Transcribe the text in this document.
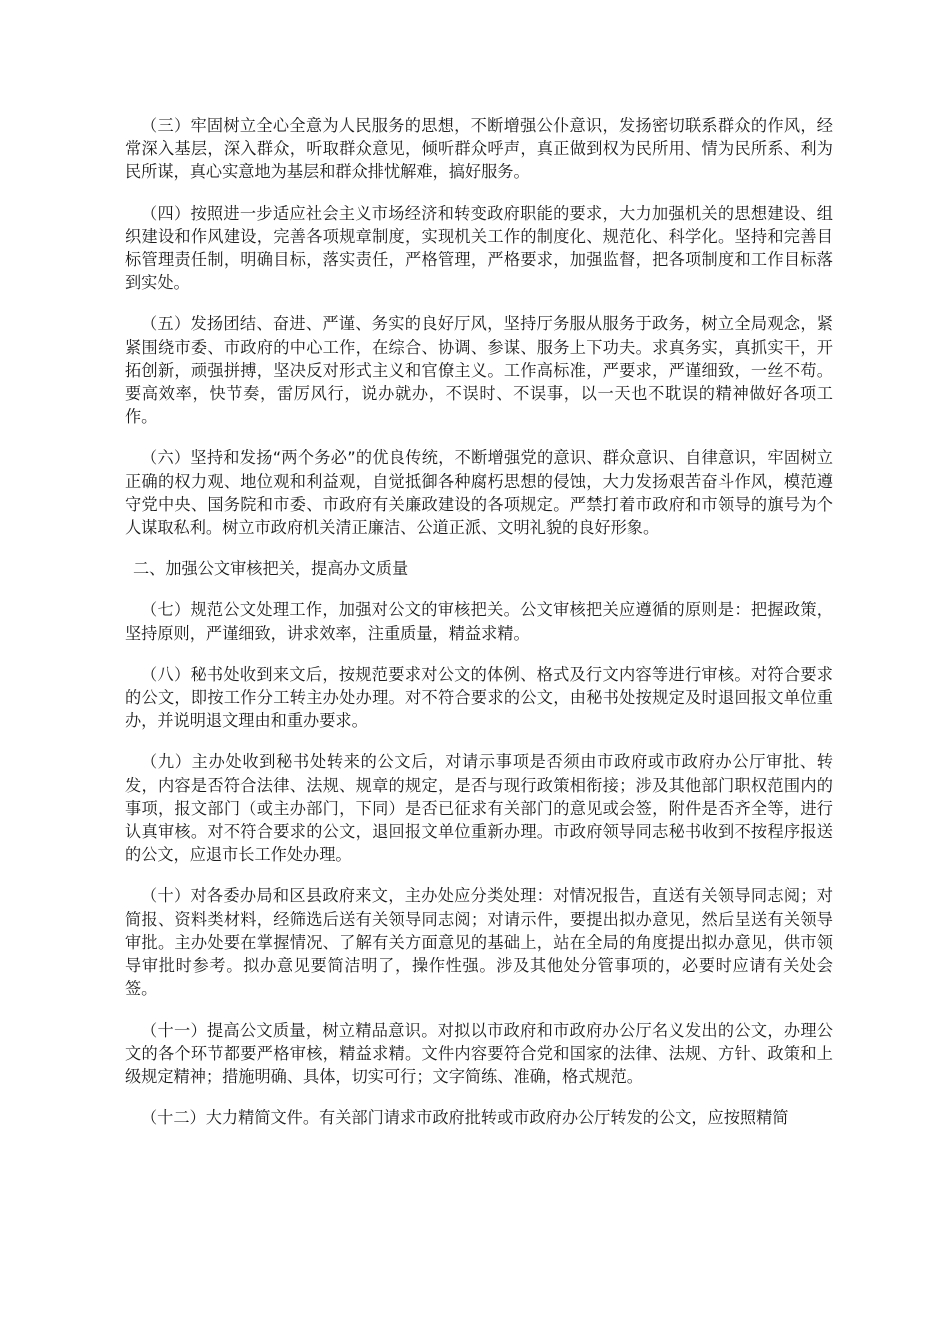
（三）牢固树立全心全意为人民服务的思想，不断增强公仆意识，发扬密切联系群众的作风，经常深入基层，深入群众，听取群众意见，倾听群众呼声，真正做到权为民所用、情为民所系、利为民所谋，真心实意地为基层和群众排忧解难，搞好服务。

（四）按照进一步适应社会主义市场经济和转变政府职能的要求，大力加强机关的思想建设、组织建设和作风建设，完善各项规章制度，实现机关工作的制度化、规范化、科学化。坚持和完善目标管理责任制，明确目标，落实责任，严格管理，严格要求，加强监督，把各项制度和工作目标落到实处。

（五）发扬团结、奋进、严谨、务实的良好厅风，坚持厅务服从服务于政务，树立全局观念，紧紧围绕市委、市政府的中心工作，在综合、协调、参谋、服务上下功夫。求真务实，真抓实干，开拓创新，顽强拼搏，坚决反对形式主义和官僚主义。工作高标准，严要求，严谨细致，一丝不苟。要高效率，快节奏，雷厉风行，说办就办，不误时、不误事，以一天也不耽误的精神做好各项工作。

（六）坚持和发扬“两个务必”的优良传统，不断增强党的意识、群众意识、自律意识，牢固树立正确的权力观、地位观和利益观，自觉抵御各种腐朽思想的侵蚀，大力发扬艰苦奋斗作风，模范遵守党中央、国务院和市委、市政府有关廉政建设的各项规定。严禁打着市政府和市领导的旗号为个人谋取私利。树立市政府机关清正廉洁、公道正派、文明礼貌的良好形象。

二、加强公文审核把关，提高办文质量

（七）规范公文处理工作，加强对公文的审核把关。公文审核把关应遵循的原则是：把握政策，坚持原则，严谨细致，讲求效率，注重质量，精益求精。

（八）秘书处收到来文后，按规范要求对公文的体例、格式及行文内容等进行审核。对符合要求的公文，即按工作分工转主办处办理。对不符合要求的公文，由秘书处按规定及时退回报文单位重办，并说明退文理由和重办要求。

（九）主办处收到秘书处转来的公文后，对请示事项是否须由市政府或市政府办公厅审批、转发，内容是否符合法律、法规、规章的规定，是否与现行政策相衔接；涉及其他部门职权范围内的事项，报文部门（或主办部门，下同）是否已征求有关部门的意见或会签，附件是否齐全等，进行认真审核。对不符合要求的公文，退回报文单位重新办理。市政府领导同志秘书收到不按程序报送的公文，应退市长工作处办理。

（十）对各委办局和区县政府来文，主办处应分类处理：对情况报告，直送有关领导同志阅；对简报、资料类材料，经筛选后送有关领导同志阅；对请示件，要提出拟办意见，然后呈送有关领导审批。主办处要在掌握情况、了解有关方面意见的基础上，站在全局的角度提出拟办意见，供市领导审批时参考。拟办意见要简洁明了，操作性强。涉及其他处分管事项的，必要时应请有关处会签。

（十一）提高公文质量，树立精品意识。对拟以市政府和市政府办公厅名义发出的公文，办理公文的各个环节都要严格审核，精益求精。文件内容要符合党和国家的法律、法规、方针、政策和上级规定精神；措施明确、具体，切实可行；文字简练、准确，格式规范。

（十二）大力精简文件。有关部门请求市政府批转或市政府办公厅转发的公文，应按照精简
